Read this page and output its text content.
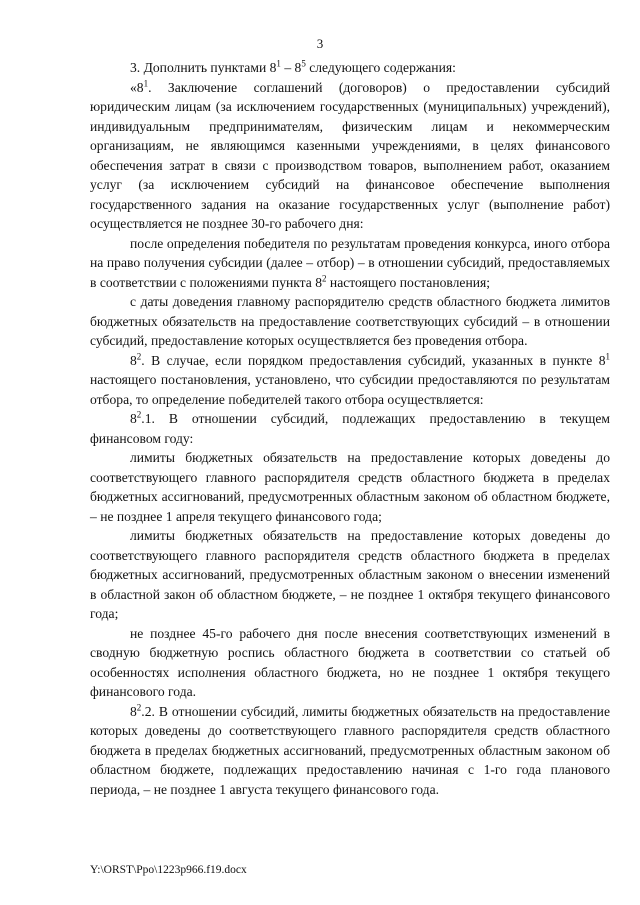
3

3. Дополнить пунктами $8^1 - 8^5$ следующего содержания:

«$8^1$. Заключение соглашений (договоров) о предоставлении субсидий юридическим лицам (за исключением государственных (муниципальных) учреждений), индивидуальным предпринимателям, физическим лицам и некоммерческим организациям, не являющимся казенными учреждениями, в целях финансового обеспечения затрат в связи с производством товаров, выполнением работ, оказанием услуг (за исключением субсидий на финансовое обеспечение выполнения государственного задания на оказание государственных услуг (выполнение работ) осуществляется не позднее 30-го рабочего дня:

после определения победителя по результатам проведения конкурса, иного отбора на право получения субсидии (далее – отбор) – в отношении субсидий, предоставляемых в соответствии с положениями пункта $8^2$ настоящего постановления;

с даты доведения главному распорядителю средств областного бюджета лимитов бюджетных обязательств на предоставление соответствующих субсидий – в отношении субсидий, предоставление которых осуществляется без проведения отбора.

$8^2$. В случае, если порядком предоставления субсидий, указанных в пункте $8^1$ настоящего постановления, установлено, что субсидии предоставляются по результатам отбора, то определение победителей такого отбора осуществляется:

$8^2.1$. В отношении субсидий, подлежащих предоставлению в текущем финансовом году:

лимиты бюджетных обязательств на предоставление которых доведены до соответствующего главного распорядителя средств областного бюджета в пределах бюджетных ассигнований, предусмотренных областным законом об областном бюджете, – не позднее 1 апреля текущего финансового года;

лимиты бюджетных обязательств на предоставление которых доведены до соответствующего главного распорядителя средств областного бюджета в пределах бюджетных ассигнований, предусмотренных областным законом о внесении изменений в областной закон об областном бюджете, – не позднее 1 октября текущего финансового года;

не позднее 45-го рабочего дня после внесения соответствующих изменений в сводную бюджетную роспись областного бюджета в соответствии со статьей об особенностях исполнения областного бюджета, но не позднее 1 октября текущего финансового года.

$8^2.2$. В отношении субсидий, лимиты бюджетных обязательств на предоставление которых доведены до соответствующего главного распорядителя средств областного бюджета в пределах бюджетных ассигнований, предусмотренных областным законом об областном бюджете, подлежащих предоставлению начиная с 1-го года планового периода, – не позднее 1 августа текущего финансового года.

Y:\ORST\Ppo\1223p966.f19.docx
